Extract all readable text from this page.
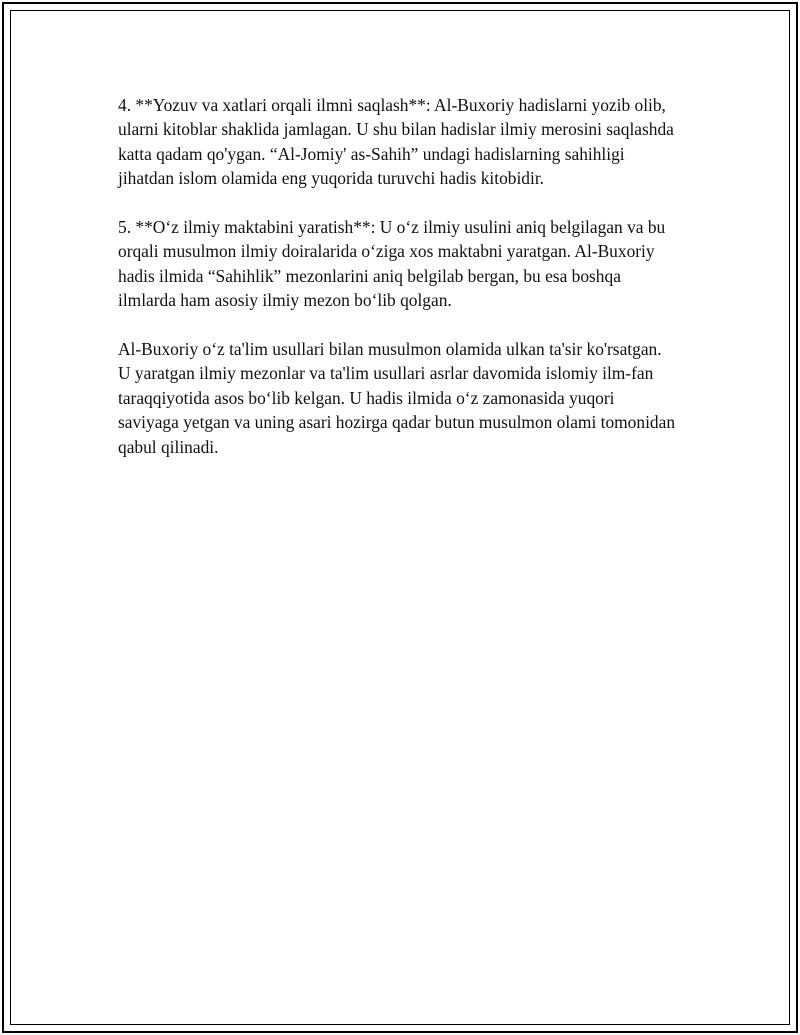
4. **Yozuv va xatlari orqali ilmni saqlash**: Al-Buxoriy hadislarni yozib olib, ularni kitoblar shaklida jamlagan. U shu bilan hadislar ilmiy merosini saqlashda katta qadam qo'ygan. “Al-Jomiy' as-Sahih” undagi hadislarning sahihligi jihatdan islom olamida eng yuqorida turuvchi hadis kitobidir.

5. **O‘z ilmiy maktabini yaratish**: U o‘z ilmiy usulini aniq belgilagan va bu orqali musulmon ilmiy doiralarida o‘ziga xos maktabni yaratgan. Al-Buxoriy hadis ilmida “Sahihlik” mezonlarini aniq belgilab bergan, bu esa boshqa ilmlarda ham asosiy ilmiy mezon bo‘lib qolgan.

Al-Buxoriy o‘z ta'lim usullari bilan musulmon olamida ulkan ta'sir ko'rsatgan. U yaratgan ilmiy mezonlar va ta'lim usullari asrlar davomida islomiy ilm-fan taraqqiyotida asos bo‘lib kelgan. U hadis ilmida o‘z zamonasida yuqori saviyaga yetgan va uning asari hozirga qadar butun musulmon olami tomonidan qabul qilinadi.
